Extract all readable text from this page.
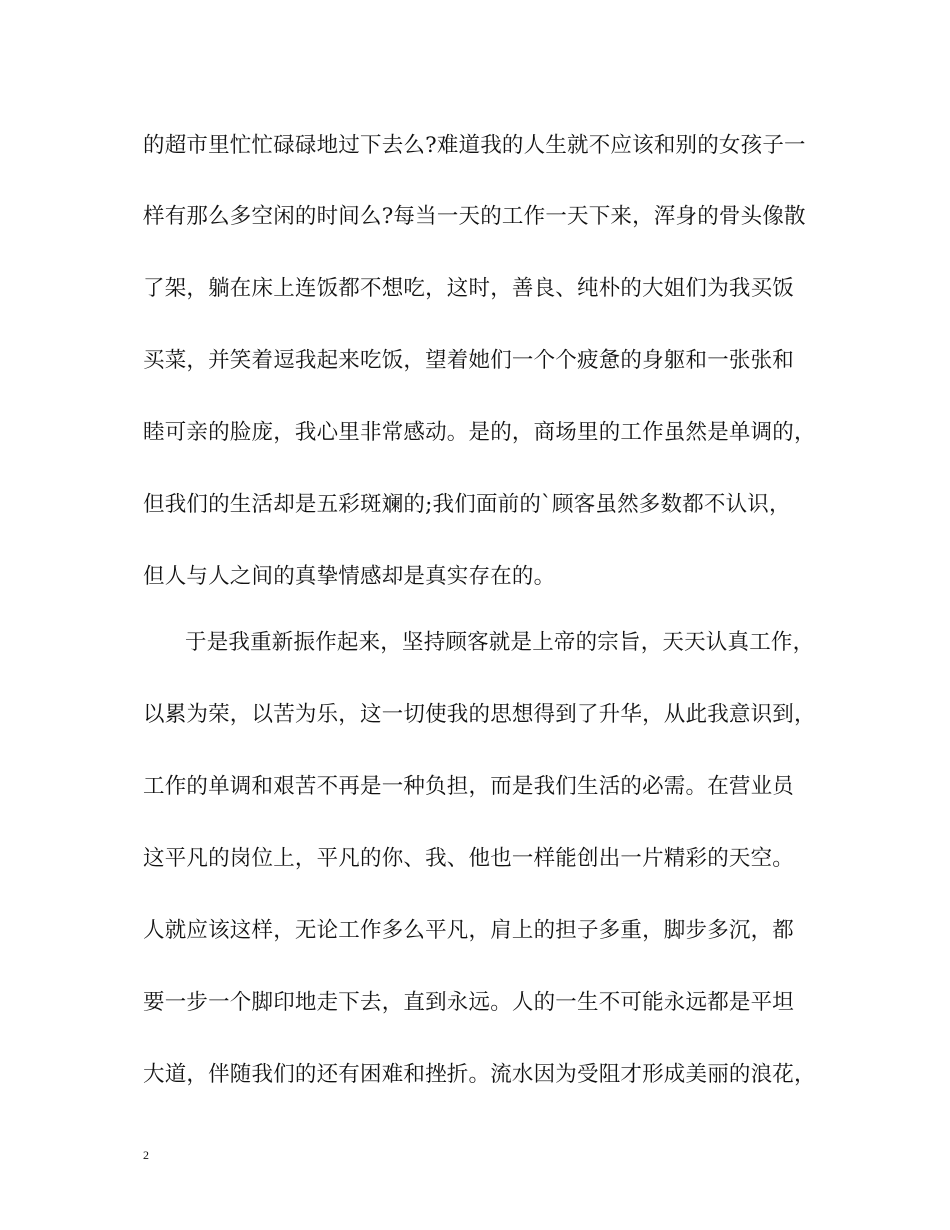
的超市里忙忙碌碌地过下去么?难道我的人生就不应该和别的女孩子一
样有那么多空闲的时间么?每当一天的工作一天下来，浑身的骨头像散
了架，躺在床上连饭都不想吃，这时，善良、纯朴的大姐们为我买饭
买菜，并笑着逗我起来吃饭，望着她们一个个疲惫的身躯和一张张和
睦可亲的脸庞，我心里非常感动。是的，商场里的工作虽然是单调的，
但我们的生活却是五彩斑斓的;我们面前的`顾客虽然多数都不认识，
但人与人之间的真挚情感却是真实存在的。
于是我重新振作起来，坚持顾客就是上帝的宗旨，天天认真工作，
以累为荣，以苦为乐，这一切使我的思想得到了升华，从此我意识到，
工作的单调和艰苦不再是一种负担，而是我们生活的必需。在营业员
这平凡的岗位上，平凡的你、我、他也一样能创出一片精彩的天空。
人就应该这样，无论工作多么平凡，肩上的担子多重，脚步多沉，都
要一步一个脚印地走下去，直到永远。人的一生不可能永远都是平坦
大道，伴随我们的还有困难和挫折。流水因为受阻才形成美丽的浪花，
2
